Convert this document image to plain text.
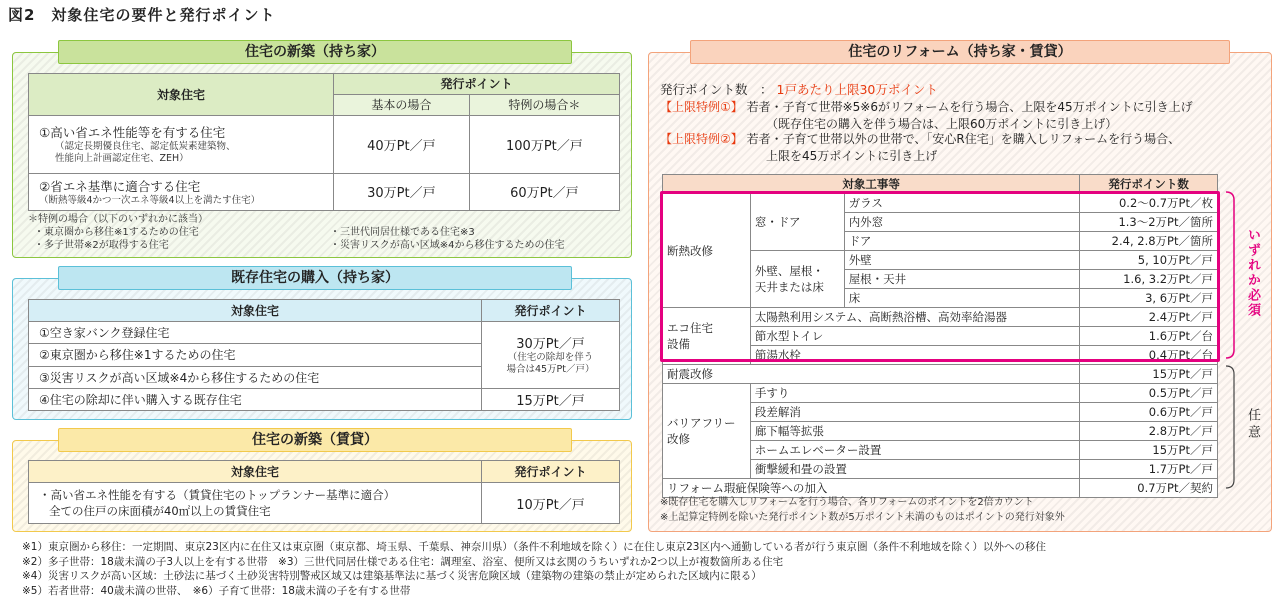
図2　対象住宅の要件と発行ポイント
住宅の新築（持ち家）
対象住宅	発行ポイント	
	基本の場合	特例の場合＊

①高い省エネ性能等を有する住宅
（認定長期優良住宅、認定低炭素建築物、
性能向上計画認定住宅、ZEH）	40万Pt／戸	100万Pt／戸

②省エネ基準に適合する住宅
（断熱等級4かつ一次エネ等級4以上を満たす住宅）	30万Pt／戸	60万Pt／戸
＊特例の場合（以下のいずれかに該当）
・東京圏から移住※1するための住宅
・多子世帯※2が取得する住宅
・三世代同居仕様である住宅※3
・災害リスクが高い区域※4から移住するための住宅
既存住宅の購入（持ち家）
対象住宅	発行ポイント
①空き家バンク登録住宅	30万Pt／戸
（住宅の除却を伴う
場合は45万Pt／戸）

②東京圏から移住※1するための住宅	
③災害リスクが高い区域※4から移住するための住宅	
④住宅の除却に伴い購入する既存住宅	15万Pt／戸
住宅の新築（賃貸）
対象住宅	発行ポイント

・高い省エネ性能を有する（賃貸住宅のトップランナー基準に適合）
全ての住戸の床面積が40㎡以上の賃貸住宅	10万Pt／戸
住宅のリフォーム（持ち家・賃貸）
発行ポイント数　： 1戸あたり上限30万ポイント
【上限特例①】 若者・子育て世帯※5※6がリフォームを行う場合、上限を45万ポイントに引き上げ
（既存住宅の購入を伴う場合は、上限60万ポイントに引き上げ）
【上限特例②】 若者・子育て世帯以外の世帯で、「安心R住宅」を購入しリフォームを行う場合、
上限を45万ポイントに引き上げ
対象工事等			発行ポイント数
断熱改修	窓・ドア	ガラス	0.2～0.7万Pt／枚
		内外窓	1.3～2万Pt／箇所
		ドア	2.4, 2.8万Pt／箇所

	外壁、屋根・
天井または床	外壁	5, 10万Pt／戸
		屋根・天井	1.6, 3.2万Pt／戸
		床	3, 6万Pt／戸

エコ住宅
設備	太陽熱利用システム、高断熱浴槽、高効率給湯器		2.4万Pt／戸
	節水型トイレ		1.6万Pt／台
	節湯水栓		0.4万Pt／台
耐震改修			15万Pt／戸

バリアフリー
改修	手すり		0.5万Pt／戸
	段差解消		0.6万Pt／戸
	廊下幅等拡張		2.8万Pt／戸
	ホームエレベーター設置		15万Pt／戸
	衝撃緩和畳の設置		1.7万Pt／戸
リフォーム瑕疵保険等への加入			0.7万Pt／契約
いずれか必須
任意
※既存住宅を購入しリフォームを行う場合、各リフォームのポイントを2倍カウント
※上記算定特例を除いた発行ポイント数が5万ポイント未満のものはポイントの発行対象外
※1）東京圏から移住：一定期間、東京23区内に在住又は東京圏（東京都、埼玉県、千葉県、神奈川県）（条件不利地域を除く）に在住し東京23区内へ通勤している者が行う東京圏（条件不利地域を除く）以外への移住
※2）多子世帯：18歳未満の子3人以上を有する世帯　※3）三世代同居仕様である住宅：調理室、浴室、便所又は玄関のうちいずれか2つ以上が複数箇所ある住宅
※4）災害リスクが高い区域：土砂法に基づく土砂災害特別警戒区域又は建築基準法に基づく災害危険区域（建築物の建築の禁止が定められた区域内に限る）
※5）若者世帯：40歳未満の世帯、　※6）子育て世帯：18歳未満の子を有する世帯
